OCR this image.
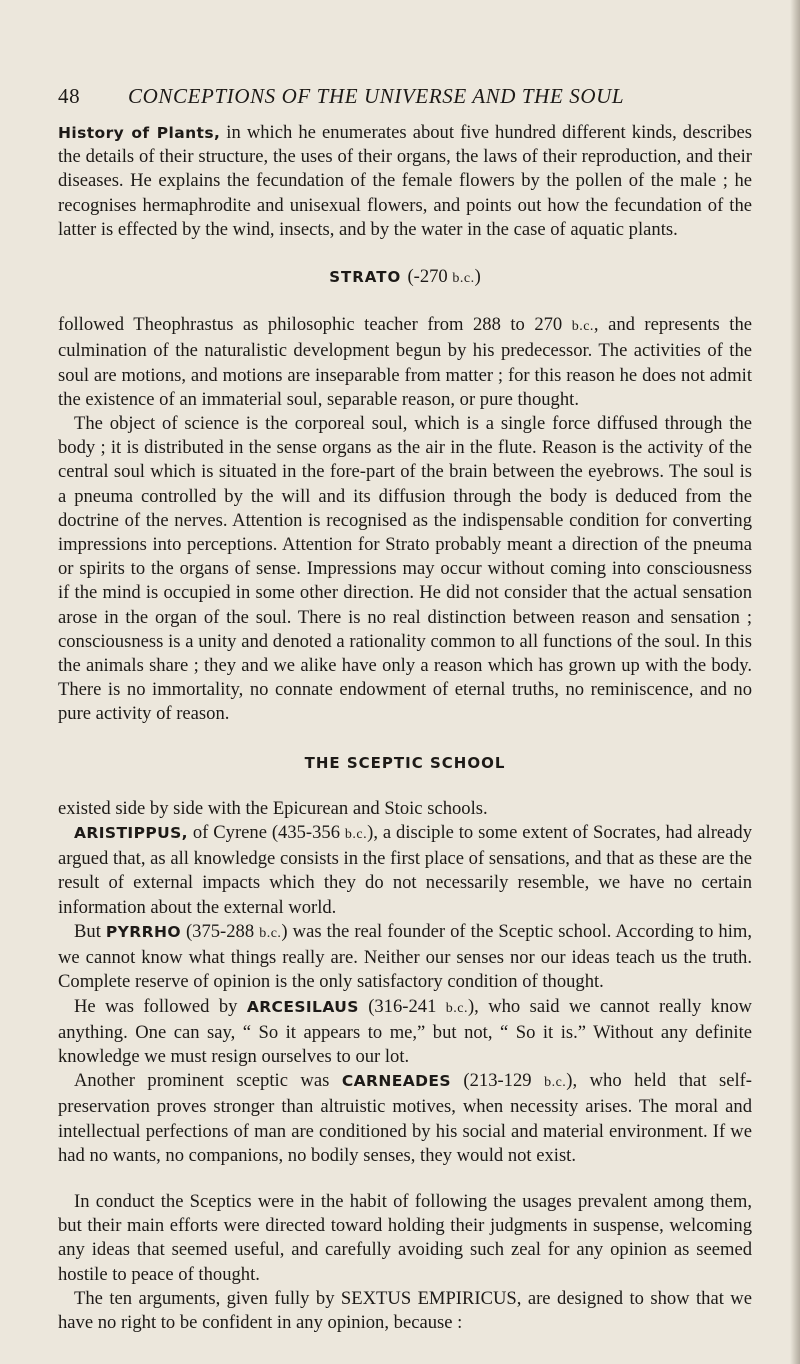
48	CONCEPTIONS OF THE UNIVERSE AND THE SOUL

History of Plants, in which he enumerates about five hundred different kinds, describes the details of their structure, the uses of their organs, the laws of their reproduction, and their diseases. He explains the fecundation of the female flowers by the pollen of the male ; he recognises hermaphrodite and unisexual flowers, and points out how the fecundation of the latter is effected by the wind, insects, and by the water in the case of aquatic plants.

STRATO (-270 b.c.)

followed Theophrastus as philosophic teacher from 288 to 270 b.c., and represents the culmination of the naturalistic development begun by his predecessor. The activities of the soul are motions, and motions are inseparable from matter ; for this reason he does not admit the existence of an immaterial soul, separable reason, or pure thought.

The object of science is the corporeal soul, which is a single force diffused through the body ; it is distributed in the sense organs as the air in the flute. Reason is the activity of the central soul which is situated in the fore-part of the brain between the eyebrows. The soul is a pneuma controlled by the will and its diffusion through the body is deduced from the doctrine of the nerves. Attention is recognised as the indispensable condition for converting impressions into perceptions. Attention for Strato probably meant a direction of the pneuma or spirits to the organs of sense. Impressions may occur without coming into consciousness if the mind is occupied in some other direction. He did not consider that the actual sensation arose in the organ of the soul. There is no real distinction between reason and sensation ; consciousness is a unity and denoted a rationality common to all functions of the soul. In this the animals share ; they and we alike have only a reason which has grown up with the body. There is no immortality, no connate endowment of eternal truths, no reminiscence, and no pure activity of reason.

THE SCEPTIC SCHOOL

existed side by side with the Epicurean and Stoic schools.

ARISTIPPUS, of Cyrene (435-356 b.c.), a disciple to some extent of Socrates, had already argued that, as all knowledge consists in the first place of sensations, and that as these are the result of external impacts which they do not necessarily resemble, we have no certain information about the external world.

But PYRRHO (375-288 b.c.) was the real founder of the Sceptic school. According to him, we cannot know what things really are. Neither our senses nor our ideas teach us the truth. Complete reserve of opinion is the only satisfactory condition of thought.

He was followed by ARCESILAUS (316-241 b.c.), who said we cannot really know anything. One can say, “ So it appears to me,” but not, “ So it is.” Without any definite knowledge we must resign ourselves to our lot.

Another prominent sceptic was CARNEADES (213-129 b.c.), who held that self-preservation proves stronger than altruistic motives, when necessity arises. The moral and intellectual perfections of man are conditioned by his social and material environment. If we had no wants, no companions, no bodily senses, they would not exist.

In conduct the Sceptics were in the habit of following the usages prevalent among them, but their main efforts were directed toward holding their judgments in suspense, welcoming any ideas that seemed useful, and carefully avoiding such zeal for any opinion as seemed hostile to peace of thought.

The ten arguments, given fully by SEXTUS EMPIRICUS, are designed to show that we have no right to be confident in any opinion, because :
